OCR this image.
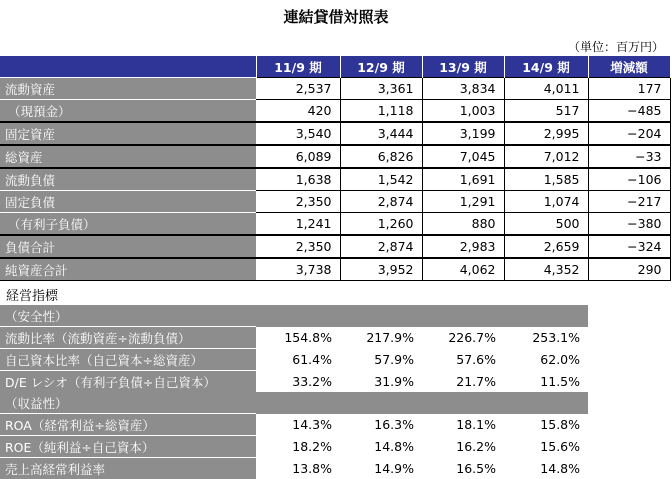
連結貸借対照表
（単位：百万円）
	11/9 期	12/9 期	13/9 期	14/9 期	増減額
流動資産	2,537	3,361	3,834	4,011	177
（現預金）	420	1,118	1,003	517	−485
固定資産	3,540	3,444	3,199	2,995	−204
総資産	6,089	6,826	7,045	7,012	−33
流動負債	1,638	1,542	1,691	1,585	−106
固定負債	2,350	2,874	1,291	1,074	−217
（有利子負債）	1,241	1,260	880	500	−380
負債合計	2,350	2,874	2,983	2,659	−324
純資産合計	3,738	3,952	4,062	4,352	290
経営指標
（安全性）					
流動比率（流動資産÷流動負債）	154.8%	217.9%	226.7%	253.1%	
自己資本比率（自己資本÷総資産）	61.4%	57.9%	57.6%	62.0%	
D/E レシオ（有利子負債÷自己資本）	33.2%	31.9%	21.7%	11.5%	
（収益性）					
ROA（経常利益÷総資産）	14.3%	16.3%	18.1%	15.8%	
ROE（純利益÷自己資本）	18.2%	14.8%	16.2%	15.6%	
売上高経常利益率	13.8%	14.9%	16.5%	14.8%	
